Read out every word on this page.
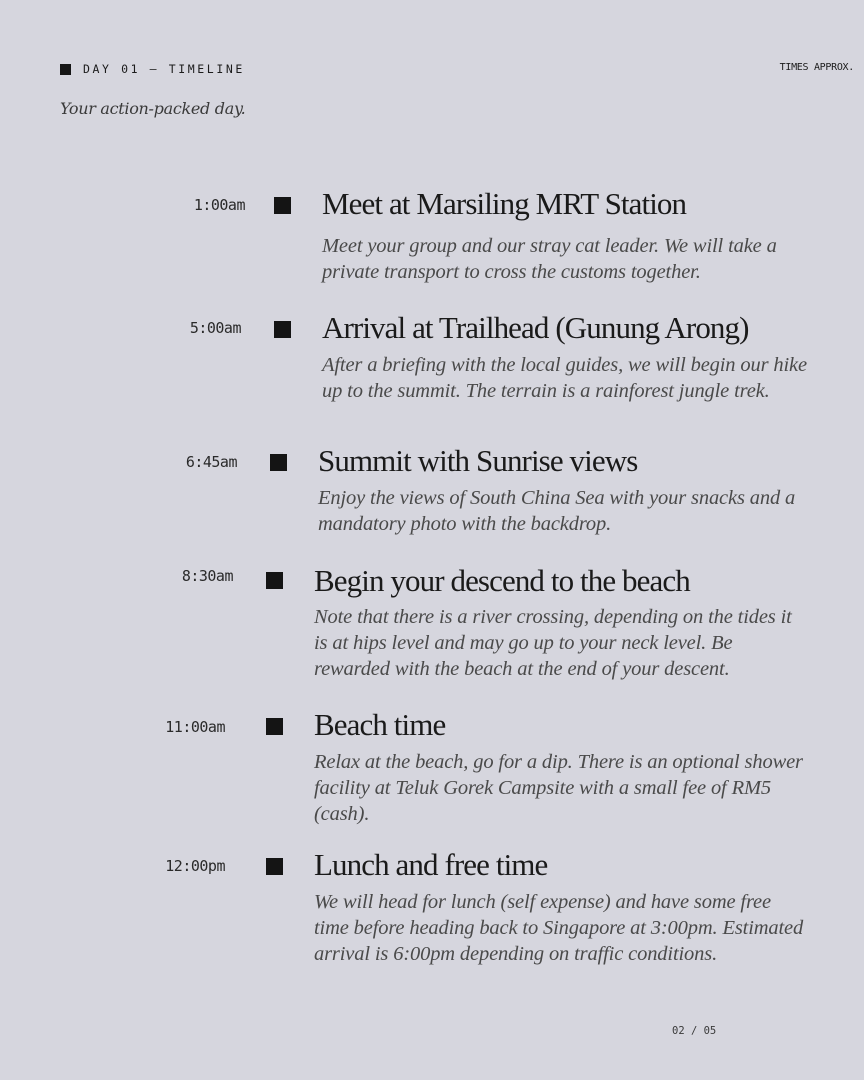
DAY 01 — TIMELINE	TIMES APPROX.
Your action-packed day.
1:00am Meet at Marsiling MRT Station

Meet your group and our stray cat leader. We will take a private transport to cross the customs together.

5:00am	Arrival at Trailhead (Gunung Arong)

After a briefing with the local guides, we will begin our hike up to the summit. The terrain is a rainforest jungle trek.

6:45am	Summit with Sunrise views

Enjoy the views of South China Sea with your snacks and a mandatory photo with the backdrop.

8:30am	Begin your descend to the beach

Note that there is a river crossing, depending on the tides it is at hips level and may go up to your neck level. Be rewarded with the beach at the end of your descent.

11:00am	Beach time

Relax at the beach, go for a dip. There is an optional shower facility at Teluk Gorek Campsite with a small fee of RM5 (cash).

12:00pm	Lunch and free time

We will head for lunch (self expense) and have some free time before heading back to Singapore at 3:00pm. Estimated arrival is 6:00pm depending on traffic conditions.

02 / 05
